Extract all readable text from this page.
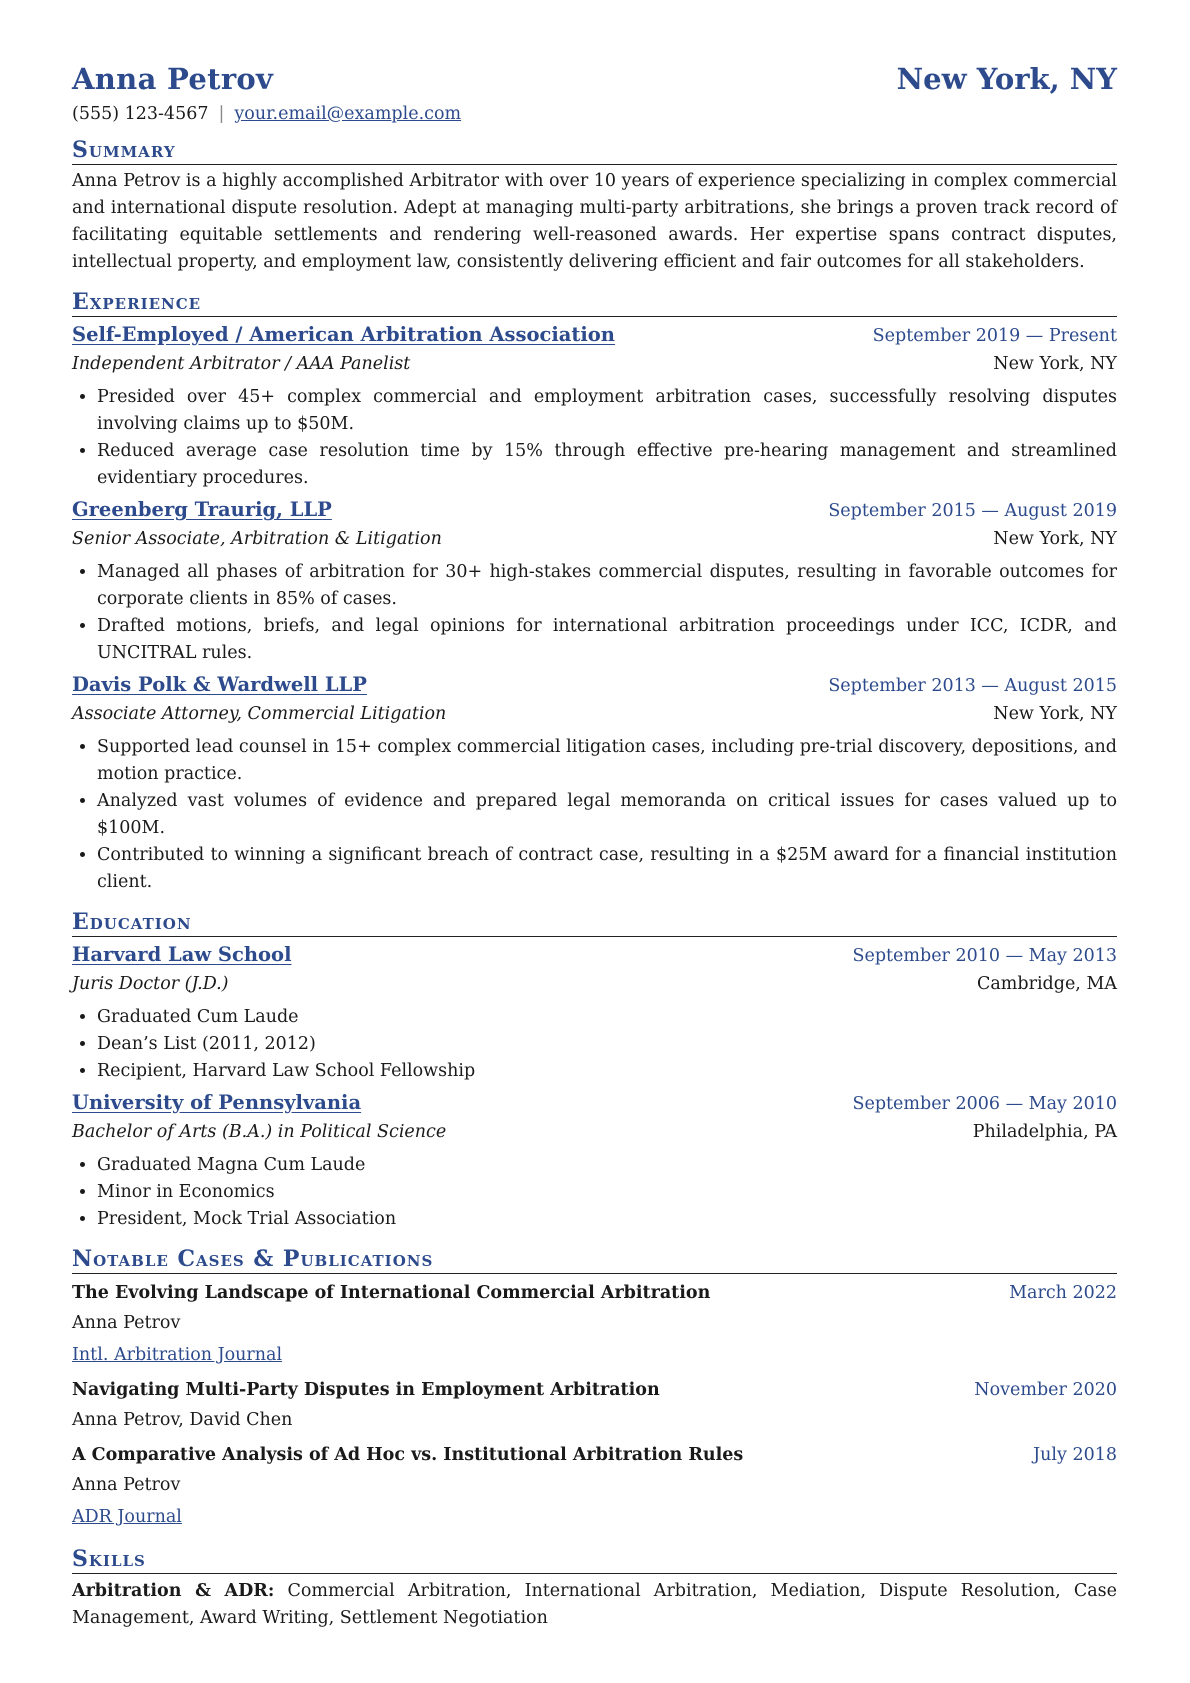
Anna Petrov	New York, NY
(555) 123-4567 | your.email@example.com
Summary
Anna Petrov is a highly accomplished Arbitrator with over 10 years of experience specializing in complex commercial and international dispute resolution. Adept at managing multi-party arbitrations, she brings a proven track record of facilitating equitable settlements and rendering well-reasoned awards. Her expertise spans contract disputes, intellectual property, and employment law, consistently delivering efficient and fair outcomes for all stakeholders.
Experience
Self-Employed / American Arbitration Association	September 2019 — Present
Independent Arbitrator / AAA Panelist	New York, NY
• Presided over 45+ complex commercial and employment arbitration cases, successfully resolving disputes involving claims up to $50M.
• Reduced average case resolution time by 15% through effective pre-hearing management and streamlined evidentiary procedures.
Greenberg Traurig, LLP	September 2015 — August 2019
Senior Associate, Arbitration & Litigation	New York, NY
• Managed all phases of arbitration for 30+ high-stakes commercial disputes, resulting in favorable outcomes for corporate clients in 85% of cases.
• Drafted motions, briefs, and legal opinions for international arbitration proceedings under ICC, ICDR, and UNCITRAL rules.
Davis Polk & Wardwell LLP	September 2013 — August 2015
Associate Attorney, Commercial Litigation	New York, NY
• Supported lead counsel in 15+ complex commercial litigation cases, including pre-trial discovery, depositions, and motion practice.
• Analyzed vast volumes of evidence and prepared legal memoranda on critical issues for cases valued up to $100M.
• Contributed to winning a significant breach of contract case, resulting in a $25M award for a financial institution client.
Education
Harvard Law School	September 2010 — May 2013
Juris Doctor (J.D.)	Cambridge, MA
• Graduated Cum Laude
• Dean’s List (2011, 2012)
• Recipient, Harvard Law School Fellowship
University of Pennsylvania	September 2006 — May 2010
Bachelor of Arts (B.A.) in Political Science	Philadelphia, PA
• Graduated Magna Cum Laude
• Minor in Economics
• President, Mock Trial Association
Notable Cases & Publications
The Evolving Landscape of International Commercial Arbitration	March 2022
Anna Petrov
Intl. Arbitration Journal
Navigating Multi-Party Disputes in Employment Arbitration	November 2020
Anna Petrov, David Chen
A Comparative Analysis of Ad Hoc vs. Institutional Arbitration Rules	July 2018
Anna Petrov
ADR Journal
Skills
Arbitration & ADR: Commercial Arbitration, International Arbitration, Mediation, Dispute Resolution, Case Management, Award Writing, Settlement Negotiation
